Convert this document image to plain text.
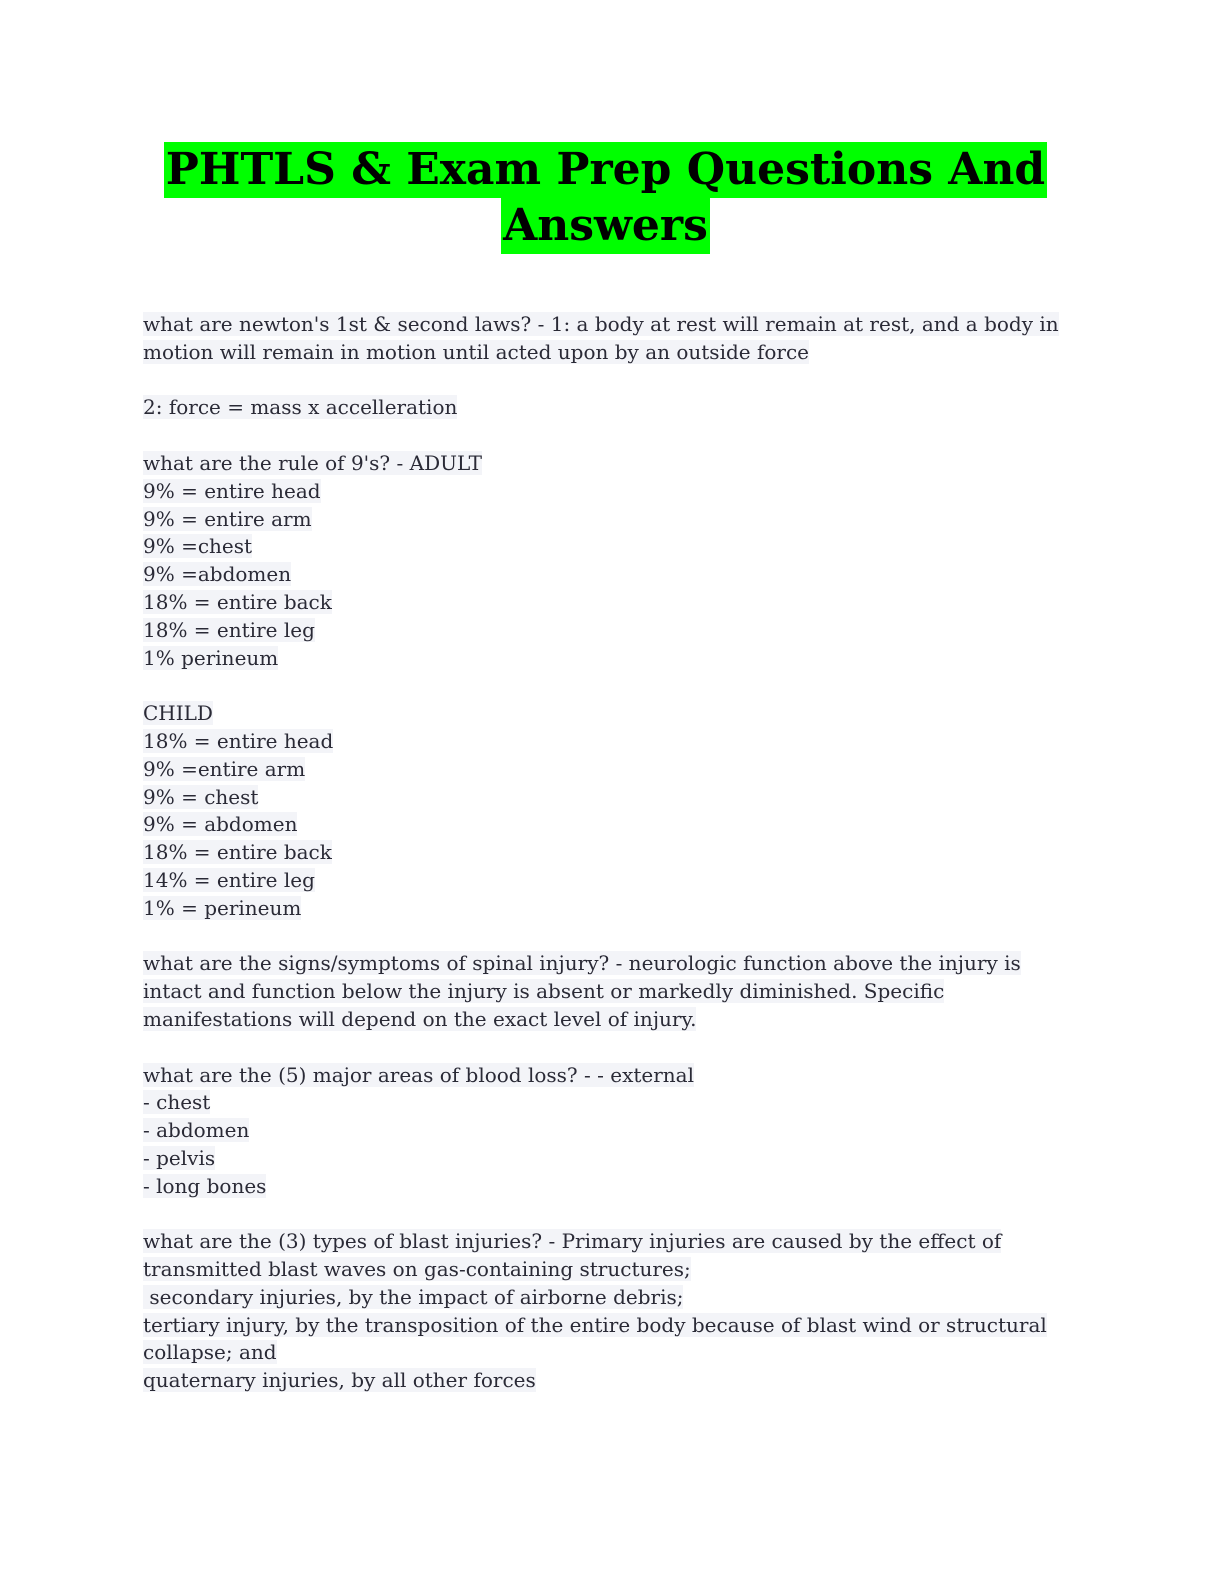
PHTLS & Exam Prep Questions And
Answers
what are newton's 1st & second laws? - 1: a body at rest will remain at rest, and a body in
motion will remain in motion until acted upon by an outside force
2: force = mass x accelleration
what are the rule of 9's? - ADULT
9% = entire head
9% = entire arm
9% =chest
9% =abdomen
18% = entire back
18% = entire leg
1% perineum
CHILD
18% = entire head
9% =entire arm
9% = chest
9% = abdomen
18% = entire back
14% = entire leg
1% = perineum
what are the signs/symptoms of spinal injury? - neurologic function above the injury is
intact and function below the injury is absent or markedly diminished. Specific
manifestations will depend on the exact level of injury.
what are the (5) major areas of blood loss? - - external
- chest
- abdomen
- pelvis
- long bones
what are the (3) types of blast injuries? - Primary injuries are caused by the effect of
transmitted blast waves on gas-containing structures;
secondary injuries, by the impact of airborne debris;
tertiary injury, by the transposition of the entire body because of blast wind or structural
collapse; and
quaternary injuries, by all other forces
